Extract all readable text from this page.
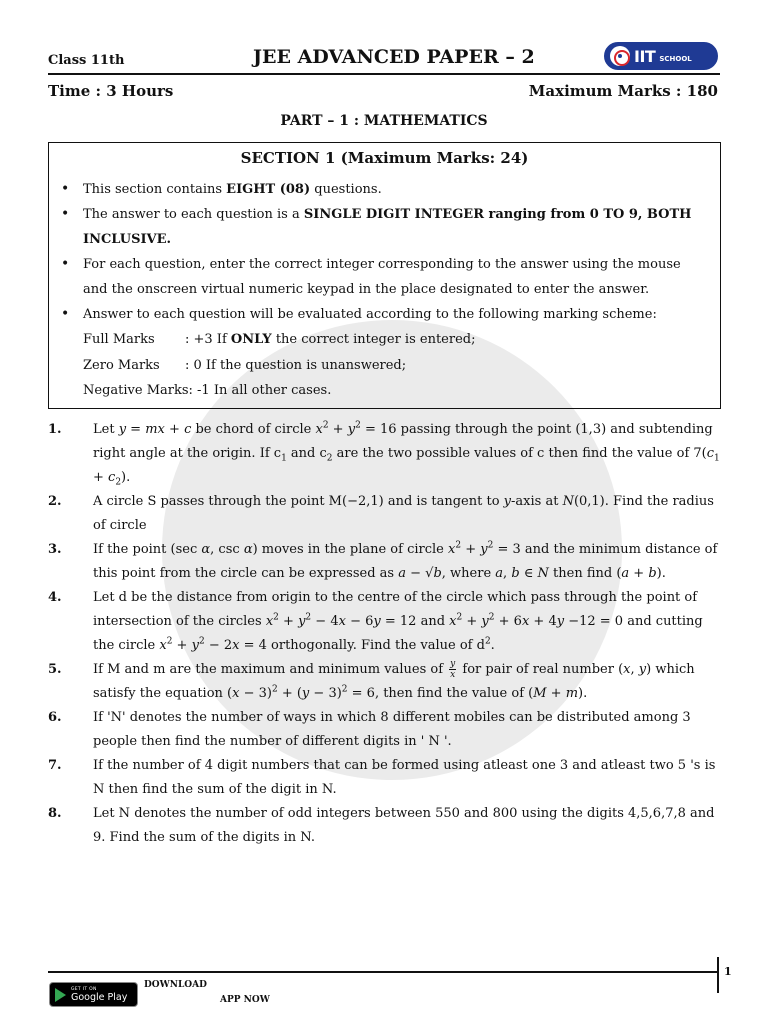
Class 11th	JEE ADVANCED PAPER – 2	IIT SCHOOL
Time : 3 Hours	Maximum Marks : 180
PART – 1 : MATHEMATICS
SECTION 1 (Maximum Marks: 24)
• This section contains EIGHT (08) questions.
• The answer to each question is a SINGLE DIGIT INTEGER ranging from 0 TO 9, BOTH INCLUSIVE.
• For each question, enter the correct integer corresponding to the answer using the mouse and the onscreen virtual numeric keypad in the place designated to enter the answer.
• Answer to each question will be evaluated according to the following marking scheme:
Full Marks	: +3 If ONLY the correct integer is entered;
Zero Marks	: 0 If the question is unanswered;
Negative Marks : -1 In all other cases.
1.	Let y = mx + c be chord of circle $x^2 + y^2 = 16$ passing through the point (1,3) and subtending right angle at the origin. If $c_1$ and $c_2$ are the two possible values of c then find the value of $7(c_1 + c_2)$.
2.	A circle S passes through the point M(−2,1) and is tangent to y-axis at N(0,1). Find the radius of circle
3.	If the point (sec α, csc α) moves in the plane of circle $x^2 + y^2 = 3$ and the minimum distance of this point from the circle can be expressed as a − √b, where a, b ∈ N then find (a + b).
4.	Let d be the distance from origin to the centre of the circle which pass through the point of intersection of the circles $x^2 + y^2 - 4x - 6y = 12$ and $x^2 + y^2 + 6x + 4y -12 = 0$ and cutting the circle $x^2 + y^2 - 2x = 4$ orthogonally. Find the value of $d^2$.
5.	If M and m are the maximum and minimum values of $\frac{y}{x}$ for pair of real number (x, y) which satisfy the equation $(x - 3)^2 + (y - 3)^2 = 6$, then find the value of (M + m).
6.	If 'N' denotes the number of ways in which 8 different mobiles can be distributed among 3 people then find the number of different digits in ' N '.
7.	If the number of 4 digit numbers that can be formed using atleast one 3 and atleast two 5 's is N then find the sum of the digit in N.
8.	Let N denotes the number of odd integers between 550 and 800 using the digits 4,5,6,7,8 and 9. Find the sum of the digits in N.
1
GET IT ON
Google Play
DOWNLOAD
APP NOW
